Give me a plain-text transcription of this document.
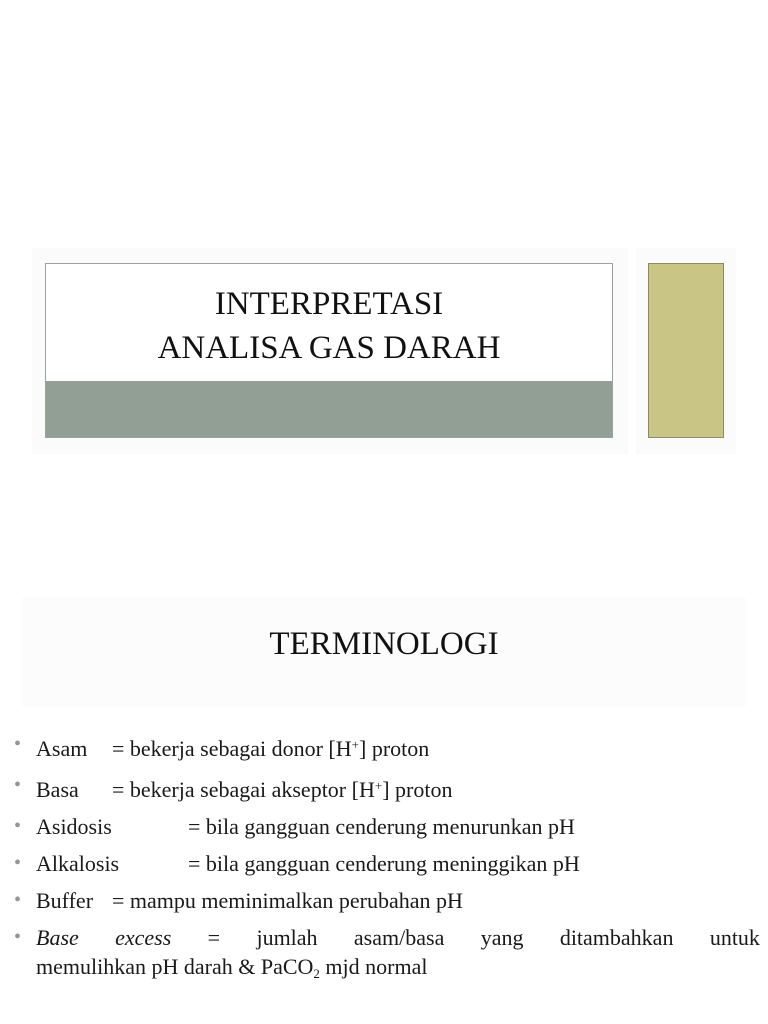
INTERPRETASI
ANALISA GAS DARAH
TERMINOLOGI
• Asam = bekerja sebagai donor [H+] proton
• Basa = bekerja sebagai akseptor [H+] proton
• Asidosis	= bila gangguan cenderung menurunkan pH
• Alkalosis	= bila gangguan cenderung meninggikan pH
• Buffer = mampu meminimalkan perubahan pH
• Base excess = jumlah asam/basa yang ditambahkan untuk
memulihkan pH darah & PaCO$_2$ mjd normal
